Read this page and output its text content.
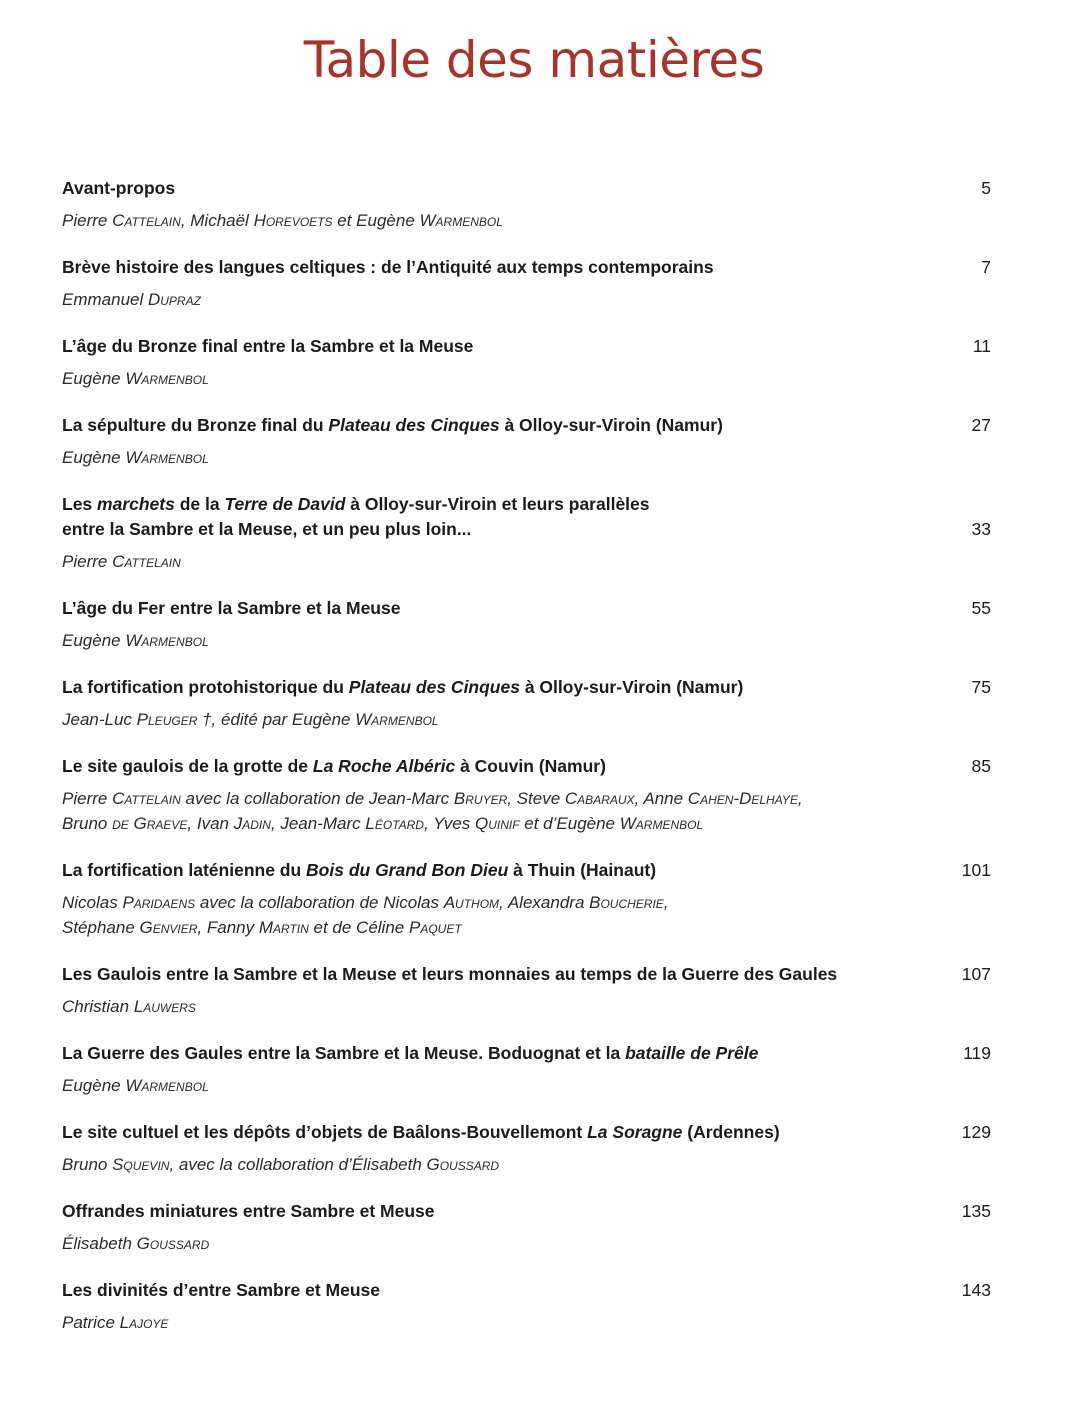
Table des matières
Avant-propos	5
Pierre Cattelain, Michaël Horevoets et Eugène Warmenbol
Brève histoire des langues celtiques : de l’Antiquité aux temps contemporains	7
Emmanuel Dupraz
L’âge du Bronze final entre la Sambre et la Meuse	11
Eugène Warmenbol
La sépulture du Bronze final du Plateau des Cinques à Olloy-sur-Viroin (Namur)	27
Eugène Warmenbol
Les marchets de la Terre de David à Olloy-sur-Viroin et leurs parallèles
entre la Sambre et la Meuse, et un peu plus loin...	33
Pierre Cattelain
L’âge du Fer entre la Sambre et la Meuse	55
Eugène Warmenbol
La fortification protohistorique du Plateau des Cinques à Olloy-sur-Viroin (Namur)	75
Jean-Luc Pleuger †, édité par Eugène Warmenbol
Le site gaulois de la grotte de La Roche Albéric à Couvin (Namur)	85
Pierre Cattelain avec la collaboration de Jean-Marc Bruyer, Steve Cabaraux, Anne Cahen-Delhaye,
Bruno de Graeve, Ivan Jadin, Jean-Marc Léotard, Yves Quinif et d’Eugène Warmenbol
La fortification laténienne du Bois du Grand Bon Dieu à Thuin (Hainaut)	101
Nicolas Paridaens avec la collaboration de Nicolas Authom, Alexandra Boucherie,
Stéphane Genvier, Fanny Martin et de Céline Paquet
Les Gaulois entre la Sambre et la Meuse et leurs monnaies au temps de la Guerre des Gaules	107
Christian Lauwers
La Guerre des Gaules entre la Sambre et la Meuse. Boduognat et la bataille de Prêle	119
Eugène Warmenbol
Le site cultuel et les dépôts d’objets de Baâlons-Bouvellemont La Soragne (Ardennes)	129
Bruno Squevin, avec la collaboration d’Élisabeth Goussard
Offrandes miniatures entre Sambre et Meuse	135
Élisabeth Goussard
Les divinités d’entre Sambre et Meuse	143
Patrice Lajoye
